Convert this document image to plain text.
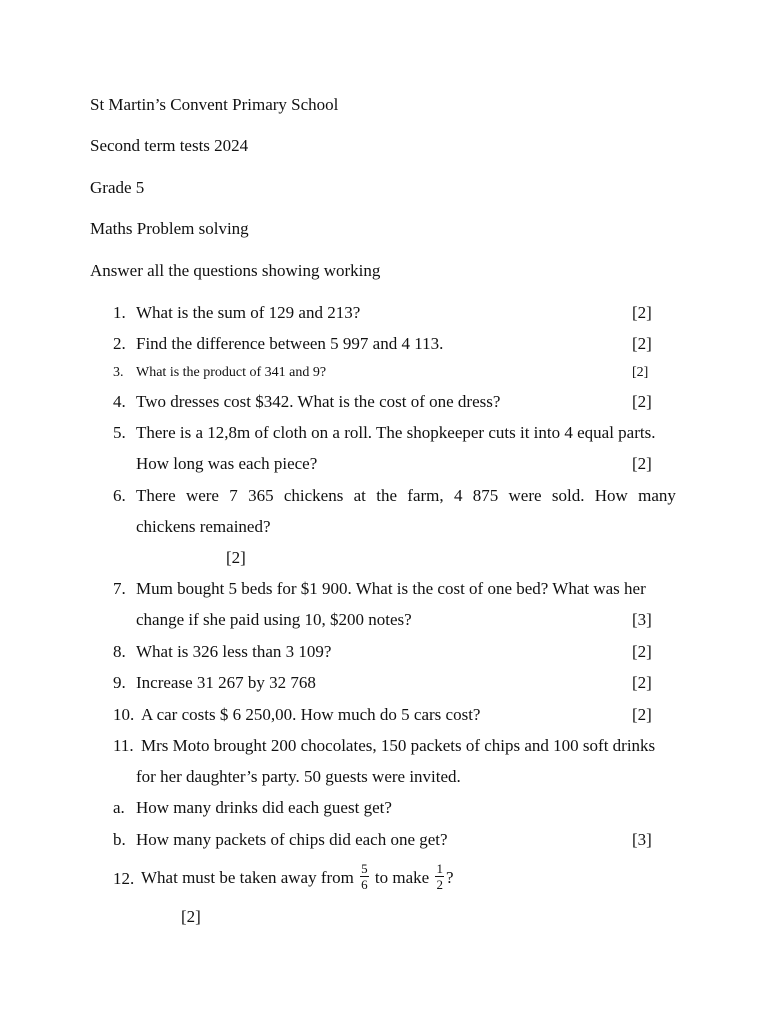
St Martin’s Convent Primary School
Second term tests 2024
Grade 5
Maths Problem solving
Answer all the questions showing working
1. What is the sum of 129 and 213?	[2]
2. Find the difference between 5 997 and 4 113.	[2]
3. What is the product of 341 and 9?	[2]
4. Two dresses cost $342. What is the cost of one dress?	[2]
5. There is a 12,8m of cloth on a roll. The shopkeeper cuts it into 4 equal parts.
How long was each piece?	[2]
6. There were 7 365 chickens at the farm, 4 875 were sold. How many
chickens remained?
[2]
7. Mum bought 5 beds for $1 900. What is the cost of one bed? What was her
change if she paid using 10, $200 notes?	[3]
8. What is 326 less than 3 109?	[2]
9. Increase 31 267 by 32 768	[2]
10. A car costs $ 6 250,00. How much do 5 cars cost?	[2]
11. Mrs Moto brought 200 chocolates, 150 packets of chips and 100 soft drinks
for her daughter’s party. 50 guests were invited.
a. How many drinks did each guest get?
b. How many packets of chips did each one get?	[3]
12. What must be taken away from $\frac{5}{6}$ to make $\frac{1}{2}$ ?
[2]
